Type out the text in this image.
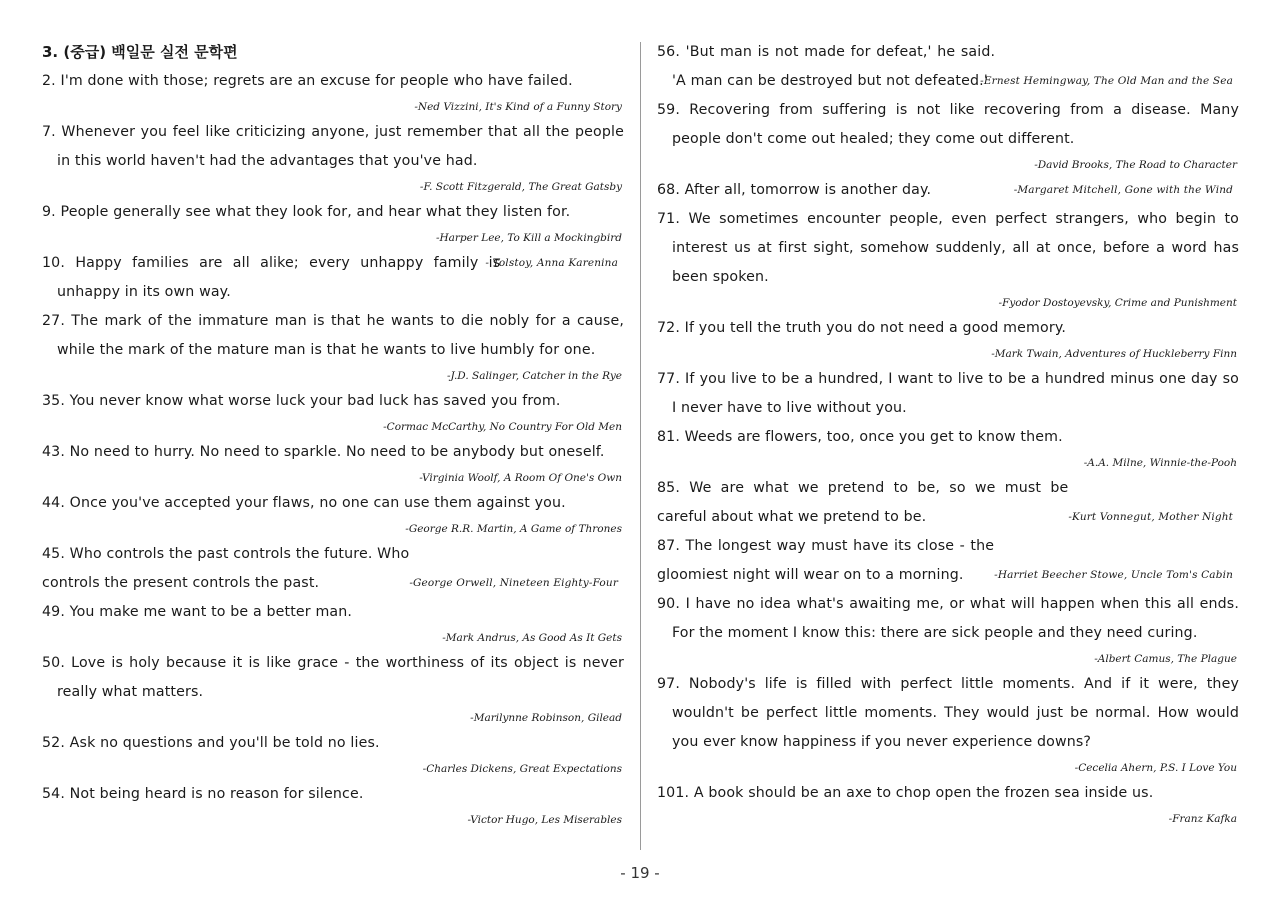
3. (중급) 백일문 실전 문학편

2. I'm done with those; regrets are an excuse for people who have failed.
-Ned Vizzini, It's Kind of a Funny Story
7. Whenever you feel like criticizing anyone, just remember that all the people in this world haven't had the advantages that you've had.
-F. Scott Fitzgerald, The Great Gatsby
9. People generally see what they look for, and hear what they listen for.
-Harper Lee, To Kill a Mockingbird
- Tolstoy, Anna Karenina
10. Happy families are all alike; every unhappy family is unhappy in its own way.
27. The mark of the immature man is that he wants to die nobly for a cause, while the mark of the mature man is that he wants to live humbly for one.
-J.D. Salinger, Catcher in the Rye
35. You never know what worse luck your bad luck has saved you from.
-Cormac McCarthy, No Country For Old Men
43. No need to hurry. No need to sparkle. No need to be anybody but oneself.
-Virginia Woolf, A Room Of One's Own
44. Once you've accepted your flaws, no one can use them against you.
-George R.R. Martin, A Game of Thrones
-George Orwell, Nineteen Eighty-Four
45. Who controls the past controls the future. Who controls the present controls the past.
49. You make me want to be a better man.
-Mark Andrus, As Good As It Gets
50. Love is holy because it is like grace - the worthiness of its object is never really what matters.
-Marilynne Robinson, Gilead
52. Ask no questions and you'll be told no lies.
-Charles Dickens, Great Expectations
54. Not being heard is no reason for silence.
-Victor Hugo, Les Miserables
-Ernest Hemingway, The Old Man and the Sea
56. 'But man is not made for defeat,' he said. 'A man can be destroyed but not defeated.'
59. Recovering from suffering is not like recovering from a disease. Many people don't come out healed; they come out different.
-David Brooks, The Road to Character
-Margaret Mitchell, Gone with the Wind
68. After all, tomorrow is another day.
71. We sometimes encounter people, even perfect strangers, who begin to interest us at first sight, somehow suddenly, all at once, before a word has been spoken.
-Fyodor Dostoyevsky, Crime and Punishment
72. If you tell the truth you do not need a good memory.
-Mark Twain, Adventures of Huckleberry Finn
77. If you live to be a hundred, I want to live to be a hundred minus one day so I never have to live without you.
81. Weeds are flowers, too, once you get to know them.
-A.A. Milne, Winnie-the-Pooh
-Kurt Vonnegut, Mother Night
85. We are what we pretend to be, so we must be careful about what we pretend to be.
-Harriet Beecher Stowe, Uncle Tom's Cabin
87. The longest way must have its close - the gloomiest night will wear on to a morning.
90. I have no idea what's awaiting me, or what will happen when this all ends. For the moment I know this: there are sick people and they need curing.
-Albert Camus, The Plague
97. Nobody's life is filled with perfect little moments. And if it were, they wouldn't be perfect little moments. They would just be normal. How would you ever know happiness if you never experience downs?
-Cecelia Ahern, P.S. I Love You
101. A book should be an axe to chop open the frozen sea inside us.
-Franz Kafka
- 19 -
